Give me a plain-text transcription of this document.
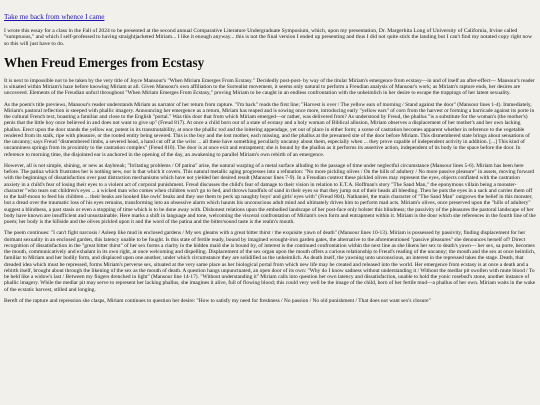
Take me back from whence I came

I wrote this essay for a class in the Fall of 2024 to be presented at the second annual Comparative Literature Undergraduate Symposium, which, upon my presentation, Dr. Margerhita Long of University of California, Irvine called "sumptuous," and which I self-professed to having straightjacketed Miriam... I like it enough anyway... this is not the final version I ended up presenting and thus I did not quite stick the landing but I can't find my notated copy right now so this will just have to do.

When Freud Emerges from Ecstasy

It is next to impossible not to be taken by the very title of Joyce Mansour's "When Miriam Emerges From Ecstasy." Decidedly post-post- by way of the titular Miriam's emergence from ecstasy—in and of itself an after-effect— Mansour's reader is situated within Miriam's haze before knowing Miriam at all. Given Mansour's own affiliation to the Surrealist movement, it seems only natural to perform a Freudian analysis of Mansour's work; as Miriam's rapture ends, her desires are uncovered. Elements of the Freudian unfurl throughout "When Miriam Emerges From Ecstasy," proving Miriam to be caught in an endless confrontation with the unheimlich in her desire to escape the trappings of her latent sexuality.

As the poem's title previews, Mansour's reader understands Miriam as narrator of her return from rapture. "I'm back" reads the first line; "Harvest is over / The yellow ears of morning / Stand against the door" (Mansour lines 1-4). Immediately, Miriam's pastoral reflection is steeped with phallic imagery. Announcing her emergence as a return, Miriam has reaped and is sowing once more, introducing early "yellow ears" of corn from the harvest or forming a barricade against its porte in the cultural French text, boasting a familiar and close to the English "portal." Was this door that from which Miriam emerged—or rather, was delivered from? As understood by Freud, the phallus "is a substitute for the woman's (the mother's) penis that the little boy once believed in and does not want to give up" (Freud 817). At once a child born out of a state of ecstasy and a holy woman of Biblical allusion, Miriam observes a displacement of her mother's and her own lacking phallus. Erect upon the door stands the yellow ear, potent in its transmutability, at once the phallic rod and the loitering appendage, yet out of place in either form; a scene of castration becomes apparent whether in reference to the vegetable rendered from its stalk, ripe with pleasure, or the rooted entity being severed. This is the boy and the lost mother, each missing, and the phallus at the presumed site of the door before Miriam. This dismembered state brings about sensations of the uncanny; says Freud "dismembered limbs, a severed head, a hand cut off at the wrist ... all these have something peculiarly uncanny about them, especially when ... they prove capable of independent activity in addition. [...] This kind of uncanniness springs from its proximity to the castration complex" (Freud 810). The door is at once exit and entrapment; she is bound by the phallus as it performs its assertive action, independent of its body in the space before the door. In reference to morning time, the disjointed ear is anchored in the opening of the day, an awakening to parallel Miriam's own rebirth of an emergence.

However, all is not simple, shining, or new as daybreak; "Irritating problems / Of patina" arise, the natural warping of a metal surface alluding to the passage of time under neglectful circumstance (Mansour lines 5-6). Miriam has been here before. The patina which frustrates her is nothing new, nor is that which it covers. This natural metallic aging progresses into a refutation: "No more pickling olives / On the hills of adultery / No more passive pleasure" in assets, moving forward with the beginnings of dissatisfaction over past distraction mechanisms which have not yielded her desired result (Mansour lines 7-9). In a Freudian context these pickled olives may represent the eyes, objects conflated with the castration anxiety in a child's fear of losing their eyes to a violent act of corporal punishment. Freud discusses the child's fear of damage to their vision in relation to E.T.A. Hoffman's story "The Sand Man," the eponymous villain being a monster-character "who tears out children's eyes ... a wicked man who comes when children won't go to bed, and throws handfuls of sand in their eyes so that they jump out of their heads all bleeding. Then he puts the eyes in a sack and carries them off to the half-moon to feed his children ... their beaks are hooked like owls' beaks and they use them to peck up naughty boys' and girls' eyes with" (Freud 804). Nathaniel, the main character of "The Sand Man" outgrows the belief in this monster, but a dread over the traumatic loss of his eyes remains, transforming into an obsessive alarm which haunts his unconscious adult mind and ultimately drives him to perform mad acts. Miriam's olives, once preserved upon the "hills of adultery" suggest a blindness, a past stasis or even a stopping of time which is to be done away with. Dishonest relations upon the embodied landscape of her post-face only bolster this blindness; the passivity of the pleasures the pastoral landscape of her body have known are insufficient and unsustainable. Here marks a shift in language and tone, welcoming the visceral confrontation of Miriam's own form and entrapment within it. Miriam is the door which she references in the fourth line of the poem; her body is the hillside and the olives pickled upon it and the word of the patina and the bitter/sound taste is the realm's mouth.

The poem continues: "I can't fight narcosis / Asleep like mud in enclosed gardens / My sex gleams with a great bitter thirst / the exquisite yawn of death" (Mansour lines 10-13). Miriam is possessed by passivity, finding displacement for her dormant sexuality in an enclosed garden, this latency unable to be fought. Is this state of fertile ready, bound by imagined wrought-iron garden gates, the alternative to the aforementioned "passive pleasures" she denounces herself of? Direct recognition of dissatisfaction in the "great bitter thirst" of her sex forms a clarity in the hidden maid she is bound by, of interest is the continued confrontation within the next line as she likens her sex to death's yawn— her sex, sa porte, becomes the mouth, communicatively and exhalant in its own right, at once welcoming and dispelling. Displacement of the sex organ upon the mouth offers a curious relationship to Freud's reading of the uncanny; the mouth and the sex at once heimlich, familiar to Miriam and her bodily form, and displaced upon one another, under which circumstance they are solidified as the unheimlich. As death itself, the yawning unto unconscious, an interest in the repressed takes the stage. Death, that dreaded idea which must be repressed, forms Miriam's perverse sex, situated at the very same place as her biological portal from which new life may be created and released into the world. Her emergence from ecstasy is at once a death and a rebirth itself, brought about through the likening of the sex as the mouth of death. A question hangs unpunctuated, an open door of its own: "Why do I know sadness without understanding it / Without the medlar pit swollen with mute blood / To be held like a widow's last / Between my fingers drenched in light" (Mansour line 14-17). "Without understanding it" Miriam calls into question her own latency and dissatisfaction, unable to hold the yonic rosebud's stone, another instance of phallic imagery. While the medlar pit may serve to represent her lacking phallus, she imagines it alive, full of flowing blood; this could very well be the image of the child, born of her fertile mud—a phallus of her own. Miriam waits in the wake of the ecstatic harvest, stilled and longing.

Bereft of the rapture and repression she clasps, Miriam continues to question her desire: "How to satisfy my need for freshness / No passion / No old punishment / That does not want sex's closure"
